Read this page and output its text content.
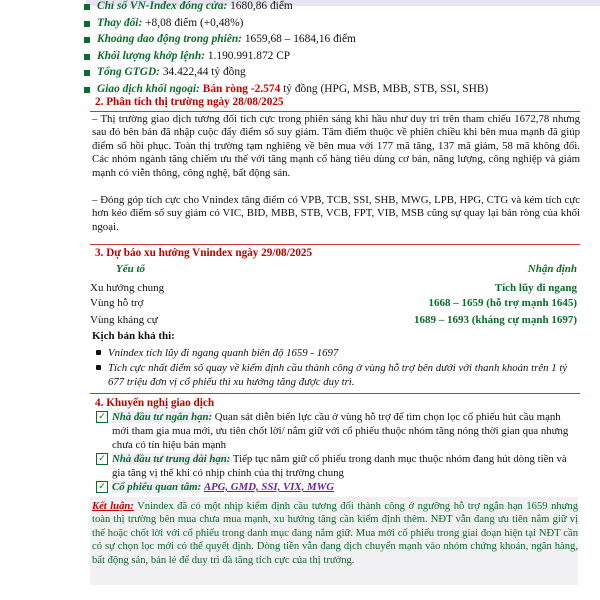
Chỉ số VN-Index đóng cửa: 1680,86 điểm
Thay đổi: +8,08 điểm (+0,48%)
Khoảng dao động trong phiên: 1659,68 – 1684,16 điểm
Khối lượng khớp lệnh: 1.190.991.872 CP
Tổng GTGD: 34.422,44 tỷ đồng
Giao dịch khối ngoại: Bán ròng -2.574 tỷ đồng (HPG, MSB, MBB, STB, SSI, SHB)
2. Phân tích thị trường ngày 28/08/2025

– Thị trường giao dịch tương đối tích cực trong phiên sáng khi hầu như duy trì trên tham chiếu 1672,78 nhưng sau đó bên bán đã nhập cuộc đẩy điểm số suy giảm. Tâm điểm thuộc về phiên chiều khi bên mua mạnh đã giúp điểm số hồi phục. Toàn thị trường tạm nghiêng về bên mua với 177 mã tăng, 137 mã giảm, 58 mã không đổi. Các nhóm ngành tăng chiếm ưu thế với tăng mạnh cổ hàng tiêu dùng cơ bản, năng lượng, công nghiệp và giảm mạnh có viễn thông, công nghệ, bất động sản.

– Đóng góp tích cực cho Vnindex tăng điểm có VPB, TCB, SSI, SHB, MWG, LPB, HPG, CTG và kém tích cực hơn kéo điểm số suy giảm có VIC, BID, MBB, STB, VCB, FPT, VIB, MSB cũng sự quay lại bán ròng của khối ngoại.

3. Dự báo xu hướng Vnindex ngày 29/08/2025
Yếu tố	Nhận định
Xu hướng chung	Tích lũy đi ngang
Vùng hỗ trợ	1668 – 1659 (hỗ trợ mạnh 1645)
Vùng kháng cự	1689 – 1693 (kháng cự mạnh 1697)
Kịch bản khả thi:
Vnindex tích lũy đi ngang quanh biên độ 1659 - 1697
Tích cực nhất điểm số quay về kiểm định cầu thành công ở vùng hỗ trợ bên dưới với thanh khoản trên 1 tỷ 677 triệu đơn vị cổ phiếu thì xu hướng tăng được duy trì.
4. Khuyến nghị giao dịch
✓ Nhà đầu tư ngắn hạn: Quan sát diễn biến lực cầu ở vùng hỗ trợ để tìm chọn lọc cổ phiếu hút cầu mạnh mới tham gia mua mới, ưu tiên chốt lời/ nắm giữ với cổ phiếu thuộc nhóm tăng nóng thời gian qua nhưng chưa có tín hiệu bán mạnh
✓ Nhà đầu tư trung dài hạn: Tiếp tục nắm giữ cổ phiếu trong danh mục thuộc nhóm đang hút dòng tiền và gia tăng vị thế khi có nhịp chỉnh của thị trường chung
✓ Cổ phiếu quan tâm: APG, GMD, SSI, VIX, MWG

Kết luận: Vnindex đã có một nhịp kiểm định cầu tương đối thành công ở ngưỡng hỗ trợ ngắn hạn 1659 nhưng toàn thị trường bên mua chưa mua mạnh, xu hướng tăng cần kiểm định thêm. NĐT vẫn đang ưu tiên nắm giữ vị thế hoặc chốt lời với cổ phiếu trong danh mục đang nắm giữ. Mua mới cổ phiếu trong giai đoạn hiện tại NĐT cần có sự chọn lọc mới có thể quyết định. Dòng tiền vẫn đang dịch chuyển mạnh vào nhóm chứng khoán, ngân hàng, bất động sản, bán lẻ để duy trì đà tăng tích cực của thị trường.
